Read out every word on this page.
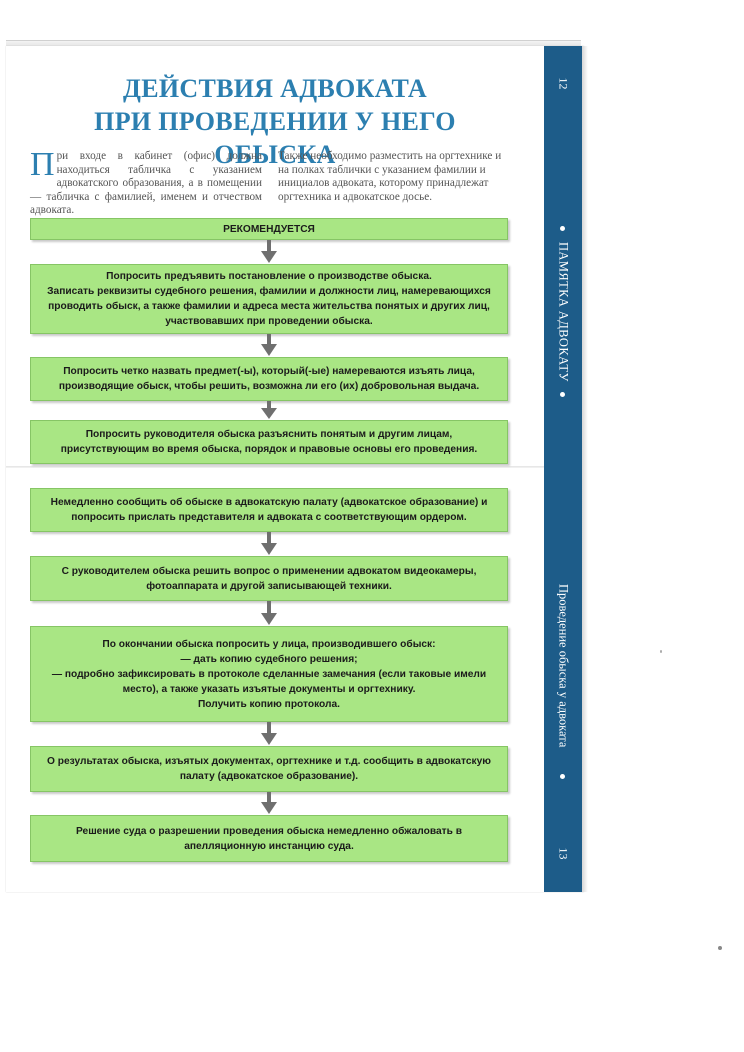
ДЕЙСТВИЯ АДВОКАТА
ПРИ ПРОВЕДЕНИИ У НЕГО ОБЫСКА

При входе в кабинет (офис) должна находиться табличка с указанием адвокатского образования, а в помещении — табличка с фамилией, именем и отчеством адвоката.

Также необходимо разместить на оргтехнике и на полках таблички с указанием фамилии и инициалов адвоката, которому принадлежат оргтехника и адвокатское досье.

РЕКОМЕНДУЕТСЯ
Попросить предъявить постановление о производстве обыска.
Записать реквизиты судебного решения, фамилии и должности лиц, намеревающихся проводить обыск, а также фамилии и адреса места жительства понятых и других лиц, участвовавших при проведении обыска.
Попросить четко назвать предмет(-ы), который(-ые) намереваются изъять лица, производящие обыск, чтобы решить, возможна ли его (их) добровольная выдача.
Попросить руководителя обыска разъяснить понятым и другим лицам, присутствующим во время обыска, порядок и правовые основы его проведения.
Немедленно сообщить об обыске в адвокатскую палату (адвокатское образование) и попросить прислать представителя и адвоката с соответствующим ордером.
С руководителем обыска решить вопрос о применении адвокатом видеокамеры, фотоаппарата и другой записывающей техники.
По окончании обыска попросить у лица, производившего обыск:
— дать копию судебного решения;
— подробно зафиксировать в протоколе сделанные замечания (если таковые имели место), а также указать изъятые документы и оргтехнику.
Получить копию протокола.
О результатах обыска, изъятых документах, оргтехнике и т.д. сообщить в адвокатскую палату (адвокатское образование).
Решение суда о разрешении проведения обыска немедленно обжаловать в апелляционную инстанцию суда.
12
ПАМЯТКА АДВОКАТУ
Проведение обыска у адвоката
13
